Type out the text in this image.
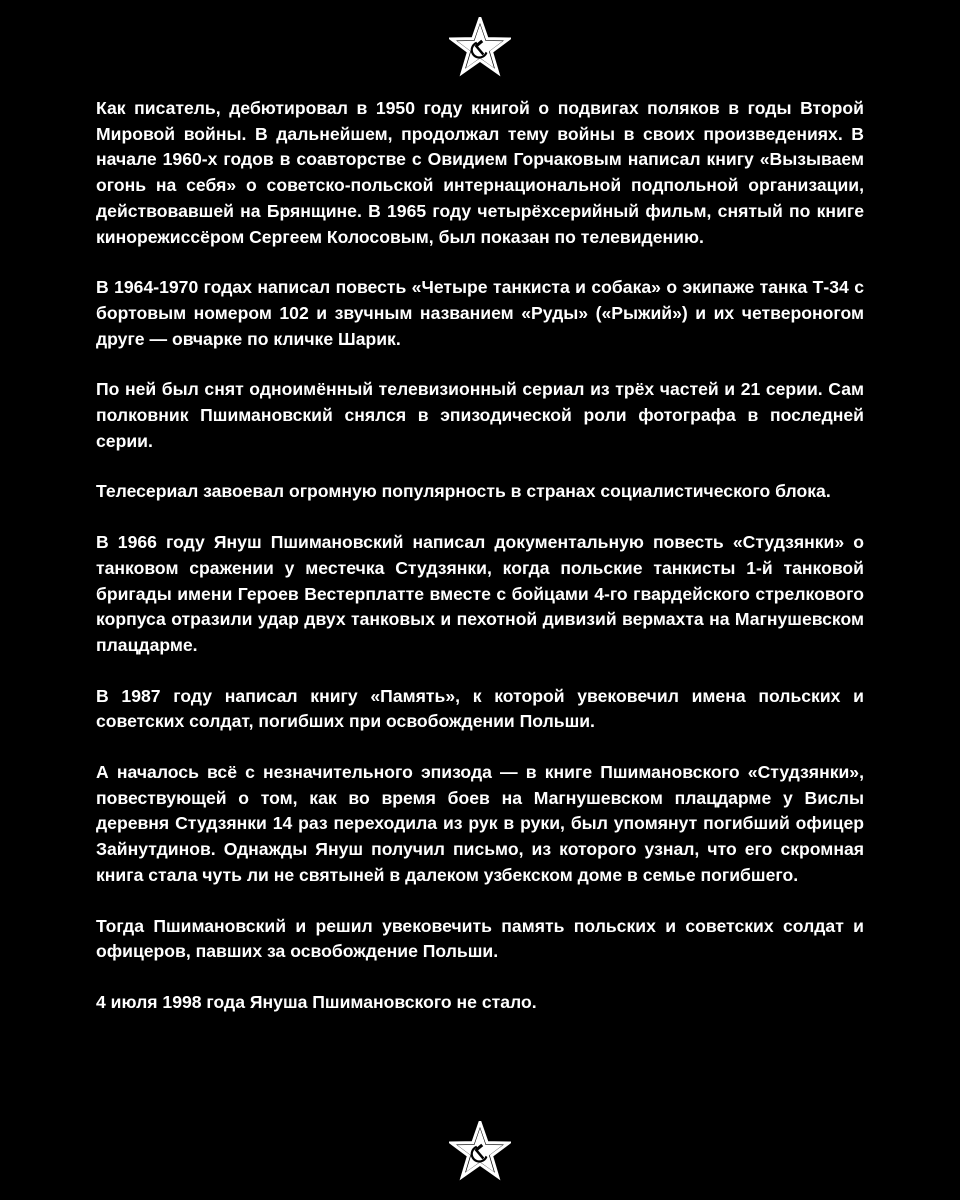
Как писатель, дебютировал в 1950 году книгой о подвигах поляков в годы Второй Мировой войны. В дальнейшем, продолжал тему войны в своих произведениях. В начале 1960-х годов в соавторстве с Овидием Горчаковым написал книгу «Вызываем огонь на себя» о советско-польской интернациональной подпольной организации, действовавшей на Брянщине. В 1965 году четырёхсерийный фильм, снятый по книге кинорежиссёром Сергеем Колосовым, был показан по телевидению.

В 1964-1970 годах написал повесть «Четыре танкиста и собака» о экипаже танка Т-34 с бортовым номером 102 и звучным названием «Руды» («Рыжий») и их четвероногом друге — овчарке по кличке Шарик.

По ней был снят одноимённый телевизионный сериал из трёх частей и 21 серии. Сам полковник Пшимановский снялся в эпизодической роли фотографа в последней серии.

Телесериал завоевал огромную популярность в странах социалистического блока.

В 1966 году Януш Пшимановский написал документальную повесть «Студзянки» о танковом сражении у местечка Студзянки, когда польские танкисты 1-й танковой бригады имени Героев Вестерплатте вместе с бойцами 4-го гвардейского стрелкового корпуса отразили удар двух танковых и пехотной дивизий вермахта на Магнушевском плацдарме.

В 1987 году написал книгу «Память», к которой увековечил имена польских и советских солдат, погибших при освобождении Польши.

А началось всё с незначительного эпизода — в книге Пшимановского «Студзянки», повествующей о том, как во время боев на Магнушевском плацдарме у Вислы деревня Студзянки 14 раз переходила из рук в руки, был упомянут погибший офицер Зайнутдинов. Однажды Януш получил письмо, из которого узнал, что его скромная книга стала чуть ли не святыней в далеком узбекском доме в семье погибшего.

Тогда Пшимановский и решил увековечить память польских и советских солдат и офицеров, павших за освобождение Польши.

4 июля 1998 года Януша Пшимановского не стало.
